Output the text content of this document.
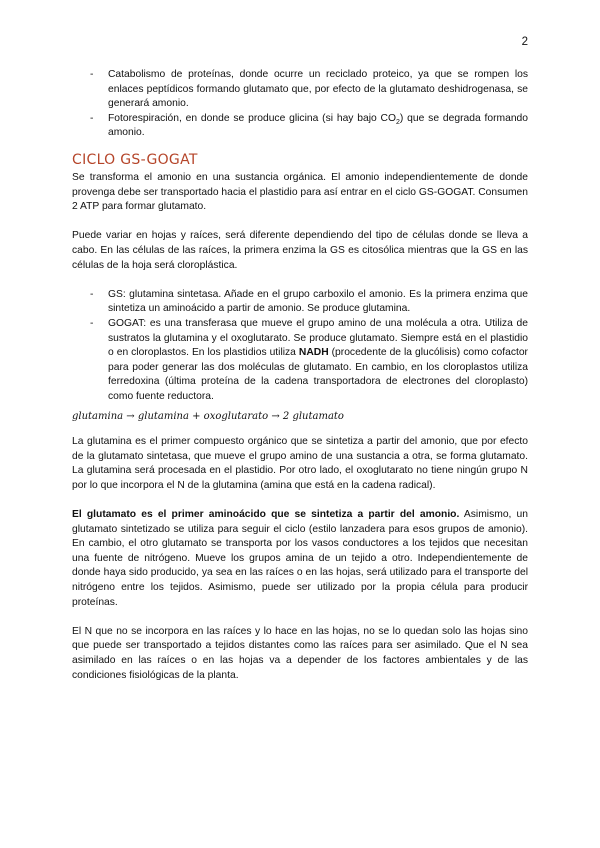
2
- Catabolismo de proteínas, donde ocurre un reciclado proteico, ya que se rompen los enlaces peptídicos formando glutamato que, por efecto de la glutamato deshidrogenasa, se generará amonio.
- Fotorespiración, en donde se produce glicina (si hay bajo $CO_2$) que se degrada formando amonio.
CICLO GS-GOGAT

Se transforma el amonio en una sustancia orgánica. El amonio independientemente de donde provenga debe ser transportado hacia el plastidio para así entrar en el ciclo GS-GOGAT. Consumen 2 ATP para formar glutamato.

Puede variar en hojas y raíces, será diferente dependiendo del tipo de células donde se lleva a cabo. En las células de las raíces, la primera enzima la GS es citosólica mientras que la GS en las células de la hoja será cloroplástica.

- GS: glutamina sintetasa. Añade en el grupo carboxilo el amonio. Es la primera enzima que sintetiza un aminoácido a partir de amonio. Se produce glutamina.
- GOGAT: es una transferasa que mueve el grupo amino de una molécula a otra. Utiliza de sustratos la glutamina y el oxoglutarato. Se produce glutamato. Siempre está en el plastidio o en cloroplastos. En los plastidios utiliza NADH (procedente de la glucólisis) como cofactor para poder generar las dos moléculas de glutamato. En cambio, en los cloroplastos utiliza ferredoxina (última proteína de la cadena transportadora de electrones del cloroplasto) como fuente reductora.
glutamina → glutamina + oxoglutarato → 2 glutamato

La glutamina es el primer compuesto orgánico que se sintetiza a partir del amonio, que por efecto de la glutamato sintetasa, que mueve el grupo amino de una sustancia a otra, se forma glutamato. La glutamina será procesada en el plastidio. Por otro lado, el oxoglutarato no tiene ningún grupo N por lo que incorpora el N de la glutamina (amina que está en la cadena radical).

El glutamato es el primer aminoácido que se sintetiza a partir del amonio. Asimismo, un glutamato sintetizado se utiliza para seguir el ciclo (estilo lanzadera para esos grupos de amonio). En cambio, el otro glutamato se transporta por los vasos conductores a los tejidos que necesitan una fuente de nitrógeno. Mueve los grupos amina de un tejido a otro. Independientemente de donde haya sido producido, ya sea en las raíces o en las hojas, será utilizado para el transporte del nitrógeno entre los tejidos. Asimismo, puede ser utilizado por la propia célula para producir proteínas.

El N que no se incorpora en las raíces y lo hace en las hojas, no se lo quedan solo las hojas sino que puede ser transportado a tejidos distantes como las raíces para ser asimilado. Que el N sea asimilado en las raíces o en las hojas va a depender de los factores ambientales y de las condiciones fisiológicas de la planta.
